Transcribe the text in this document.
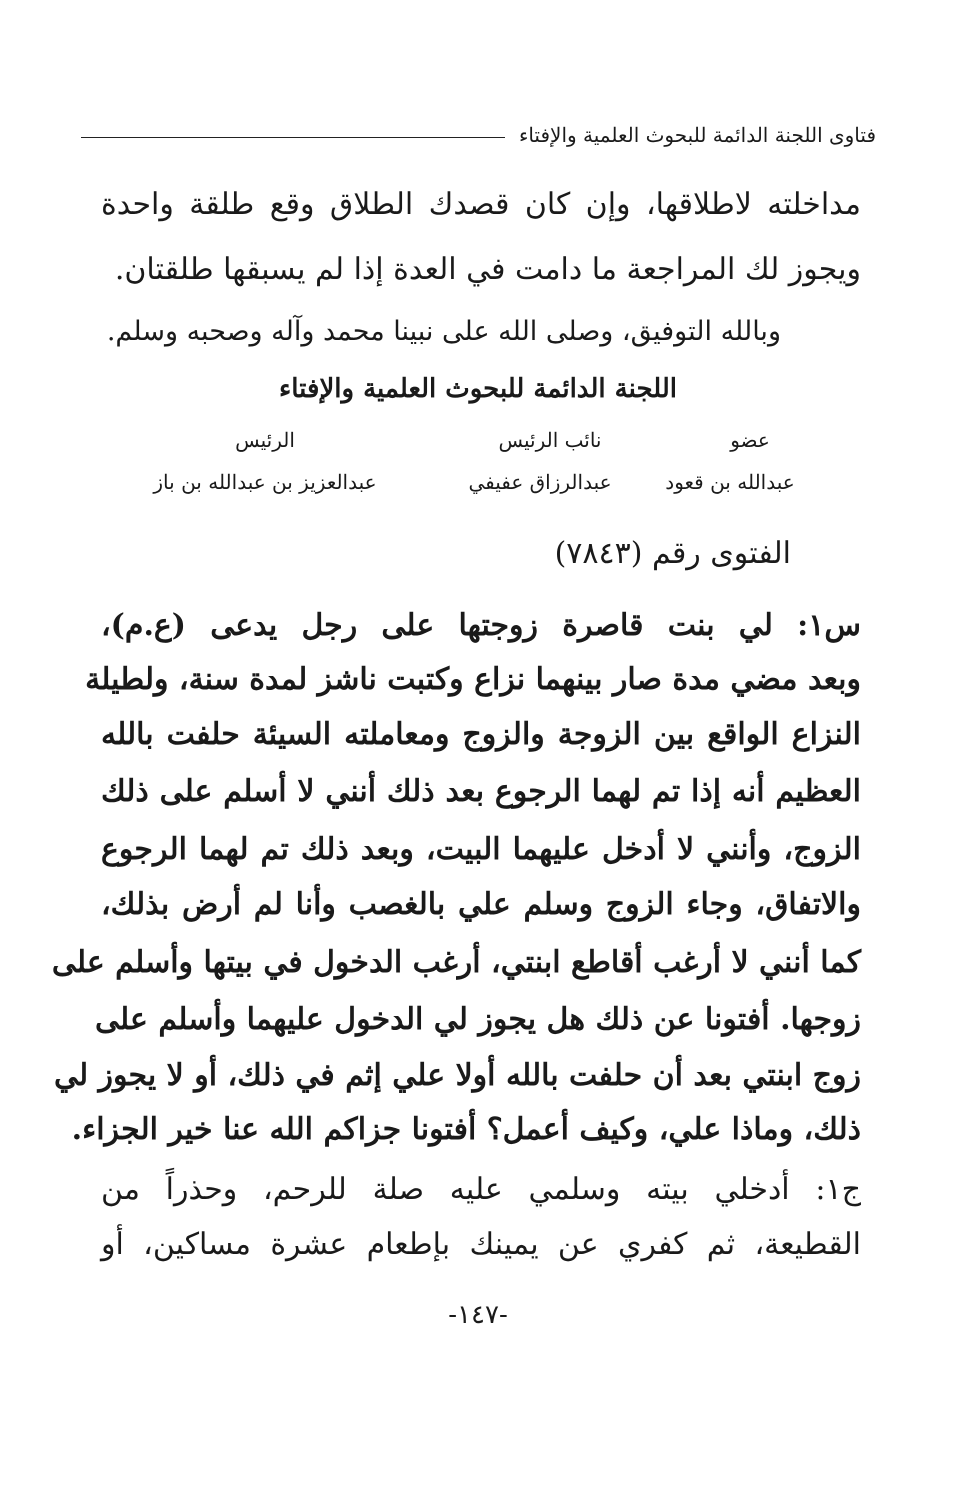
فتاوى اللجنة الدائمة للبحوث العلمية والإفتاء
مداخلته لاطلاقها، وإن كان قصدك الطلاق وقع طلقة واحدة
ويجوز لك المراجعة ما دامت في العدة إذا لم يسبقها طلقتان.
وبالله التوفيق، وصلى الله على نبينا محمد وآله وصحبه وسلم.
اللجنة الدائمة للبحوث العلمية والإفتاء
عضو
نائب الرئيس
الرئيس
عبدالله بن قعود
عبدالرزاق عفيفي
عبدالعزيز بن عبدالله بن باز
الفتوى رقم (٧٨٤٣)
س١: لي بنت قاصرة زوجتها على رجل يدعى (ع.م)،
وبعد مضي مدة صار بينهما نزاع وكتبت ناشز لمدة سنة، ولطيلة
النزاع الواقع بين الزوجة والزوج ومعاملته السيئة حلفت بالله
العظيم أنه إذا تم لهما الرجوع بعد ذلك أنني لا أسلم على ذلك
الزوج، وأنني لا أدخل عليهما البيت، وبعد ذلك تم لهما الرجوع
والاتفاق، وجاء الزوج وسلم علي بالغصب وأنا لم أرض بذلك،
كما أنني لا أرغب أقاطع ابنتي، أرغب الدخول في بيتها وأسلم على
زوجها. أفتونا عن ذلك هل يجوز لي الدخول عليهما وأسلم على
زوج ابنتي بعد أن حلفت بالله أولا علي إثم في ذلك، أو لا يجوز لي
ذلك، وماذا علي، وكيف أعمل؟ أفتونا جزاكم الله عنا خير الجزاء.
ج١: أدخلي بيته وسلمي عليه صلة للرحم، وحذراً من
القطيعة، ثم كفري عن يمينك بإطعام عشرة مساكين، أو
-١٤٧-
